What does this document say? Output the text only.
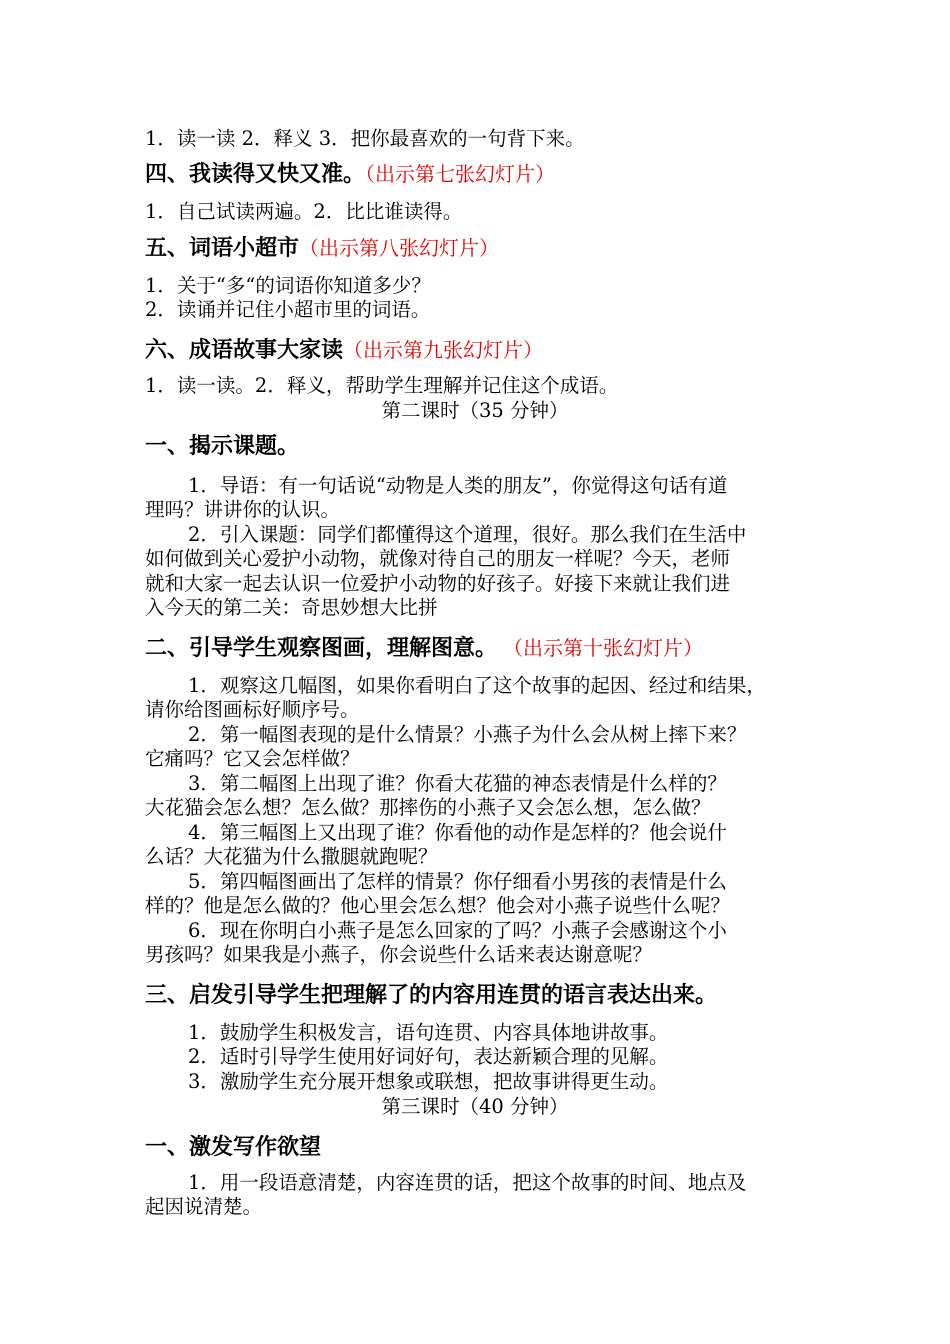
1．读一读 2．释义 3．把你最喜欢的一句背下来。
四、我读得又快又准。（出示第七张幻灯片）
1．自己试读两遍。2．比比谁读得。
五、词语小超市（出示第八张幻灯片）
1．关于“多“的词语你知道多少？
2．读诵并记住小超市里的词语。
六、成语故事大家读（出示第九张幻灯片）
1．读一读。2．释义，帮助学生理解并记住这个成语。
第二课时（35 分钟）
一、揭示课题。
1．导语：有一句话说“动物是人类的朋友”，你觉得这句话有道
理吗？讲讲你的认识。
2．引入课题：同学们都懂得这个道理，很好。那么我们在生活中
如何做到关心爱护小动物，就像对待自己的朋友一样呢？今天，老师
就和大家一起去认识一位爱护小动物的好孩子。好接下来就让我们进
入今天的第二关：奇思妙想大比拼
二、引导学生观察图画，理解图意。 （出示第十张幻灯片）
1．观察这几幅图，如果你看明白了这个故事的起因、经过和结果，
请你给图画标好顺序号。
2．第一幅图表现的是什么情景？小燕子为什么会从树上摔下来？
它痛吗？它又会怎样做？
3．第二幅图上出现了谁？你看大花猫的神态表情是什么样的？
大花猫会怎么想？怎么做？那摔伤的小燕子又会怎么想，怎么做？
4．第三幅图上又出现了谁？你看他的动作是怎样的？他会说什
么话？大花猫为什么撒腿就跑呢？
5．第四幅图画出了怎样的情景？你仔细看小男孩的表情是什么
样的？他是怎么做的？他心里会怎么想？他会对小燕子说些什么呢？
6．现在你明白小燕子是怎么回家的了吗？小燕子会感谢这个小
男孩吗？如果我是小燕子，你会说些什么话来表达谢意呢？
三、启发引导学生把理解了的内容用连贯的语言表达出来。
1．鼓励学生积极发言，语句连贯、内容具体地讲故事。
2．适时引导学生使用好词好句，表达新颖合理的见解。
3．激励学生充分展开想象或联想，把故事讲得更生动。
第三课时（40 分钟）
一、激发写作欲望
1．用一段语意清楚，内容连贯的话，把这个故事的时间、地点及
起因说清楚。
